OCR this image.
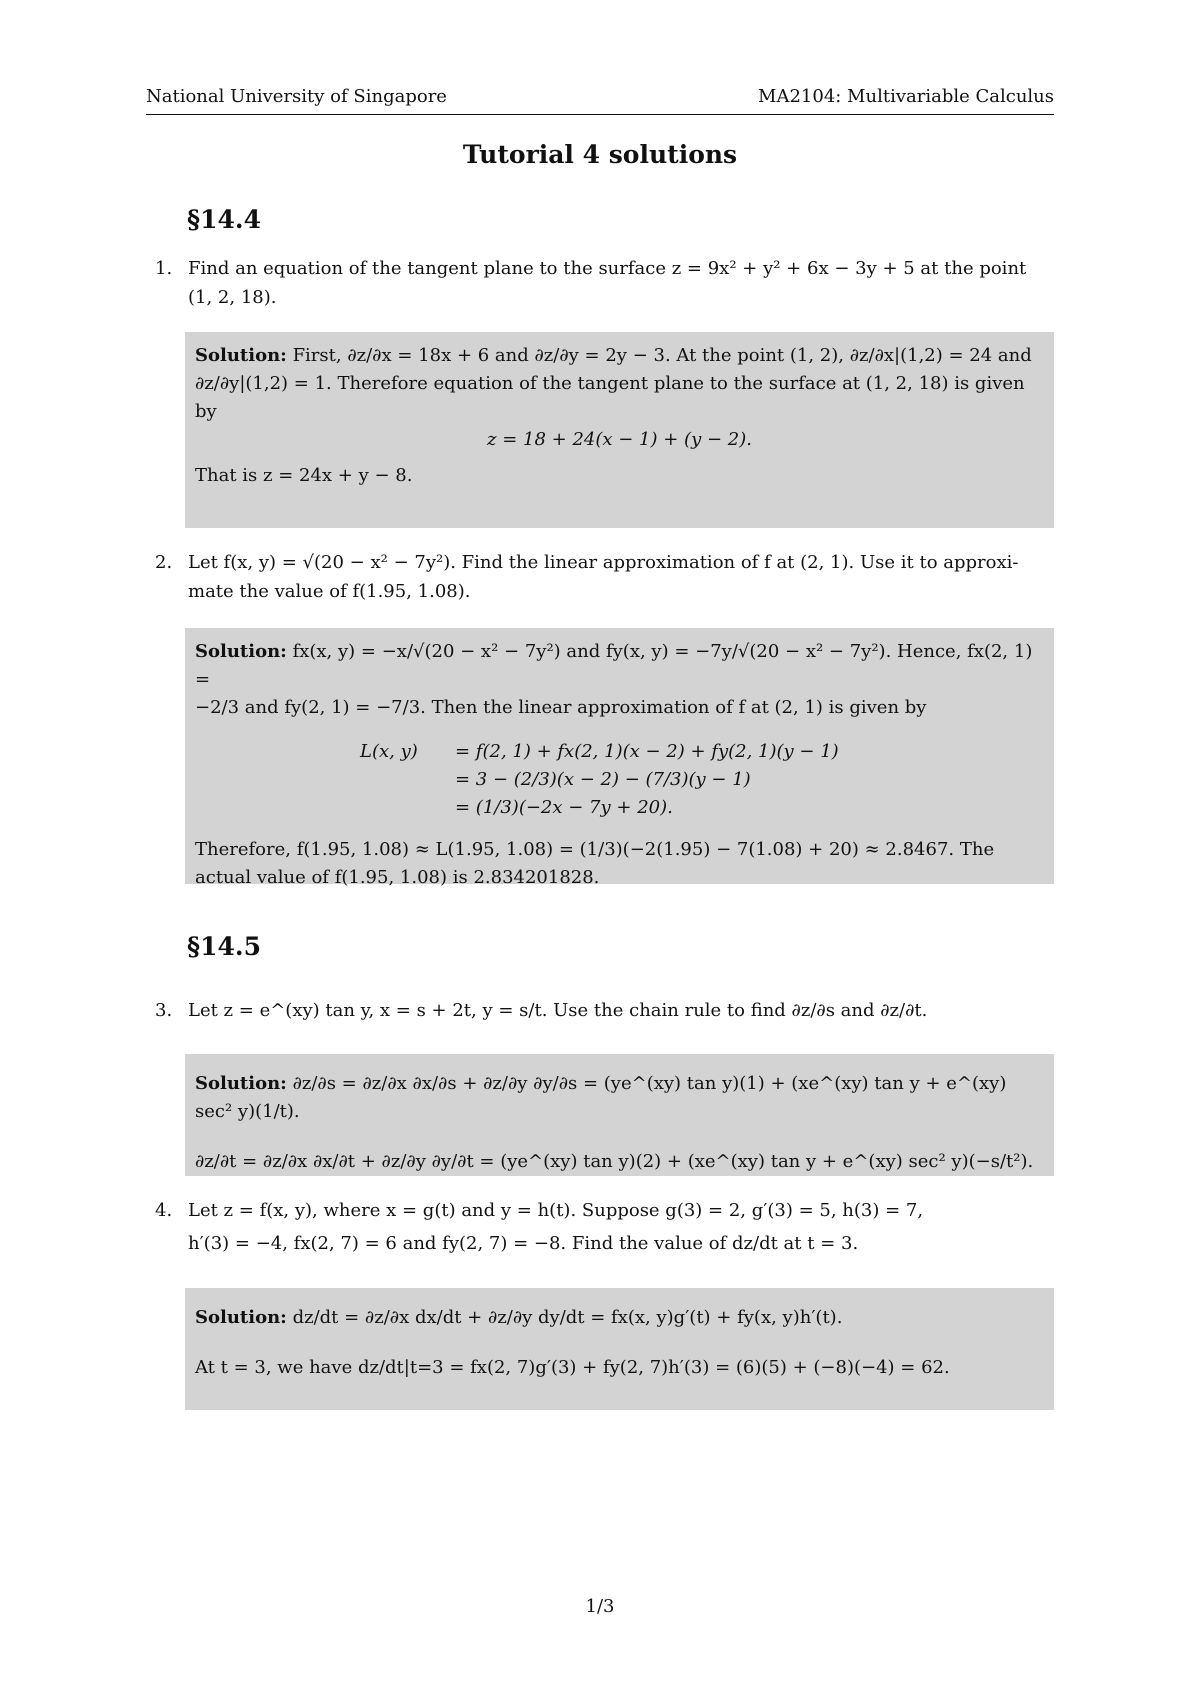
National University of Singapore	MA2104: Multivariable Calculus
Tutorial 4 solutions
§14.4
1. Find an equation of the tangent plane to the surface z = 9x² + y² + 6x − 3y + 5 at the point
(1, 2, 18).
Solution: First, ∂z/∂x = 18x + 6 and ∂z/∂y = 2y − 3. At the point (1, 2), ∂z/∂x|(1,2) = 24 and
∂z/∂y|(1,2) = 1. Therefore equation of the tangent plane to the surface at (1, 2, 18) is given
by
z = 18 + 24(x − 1) + (y − 2).
That is z = 24x + y − 8.
2. Let f(x, y) = √(20 − x² − 7y²). Find the linear approximation of f at (2, 1). Use it to approxi-
mate the value of f(1.95, 1.08).
Solution: fx(x, y) = −x/√(20 − x² − 7y²) and fy(x, y) = −7y/√(20 − x² − 7y²). Hence, fx(2, 1) =
−2/3 and fy(2, 1) = −7/3. Then the linear approximation of f at (2, 1) is given by
L(x, y)	= f(2, 1) + fx(2, 1)(x − 2) + fy(2, 1)(y − 1)
= 3 − (2/3)(x − 2) − (7/3)(y − 1)
= (1/3)(−2x − 7y + 20).
Therefore, f(1.95, 1.08) ≈ L(1.95, 1.08) = (1/3)(−2(1.95) − 7(1.08) + 20) ≈ 2.8467. The
actual value of f(1.95, 1.08) is 2.834201828.
§14.5
3. Let z = e^(xy) tan y, x = s + 2t, y = s/t. Use the chain rule to find ∂z/∂s and ∂z/∂t.
Solution: ∂z/∂s = ∂z/∂x ∂x/∂s + ∂z/∂y ∂y/∂s = (ye^(xy) tan y)(1) + (xe^(xy) tan y + e^(xy) sec² y)(1/t).
∂z/∂t = ∂z/∂x ∂x/∂t + ∂z/∂y ∂y/∂t = (ye^(xy) tan y)(2) + (xe^(xy) tan y + e^(xy) sec² y)(−s/t²).
4. Let z = f(x, y), where x = g(t) and y = h(t). Suppose g(3) = 2, g′(3) = 5, h(3) = 7,
h′(3) = −4, fx(2, 7) = 6 and fy(2, 7) = −8. Find the value of dz/dt at t = 3.
Solution: dz/dt = ∂z/∂x dx/dt + ∂z/∂y dy/dt = fx(x, y)g′(t) + fy(x, y)h′(t).
At t = 3, we have dz/dt|t=3 = fx(2, 7)g′(3) + fy(2, 7)h′(3) = (6)(5) + (−8)(−4) = 62.
1/3
